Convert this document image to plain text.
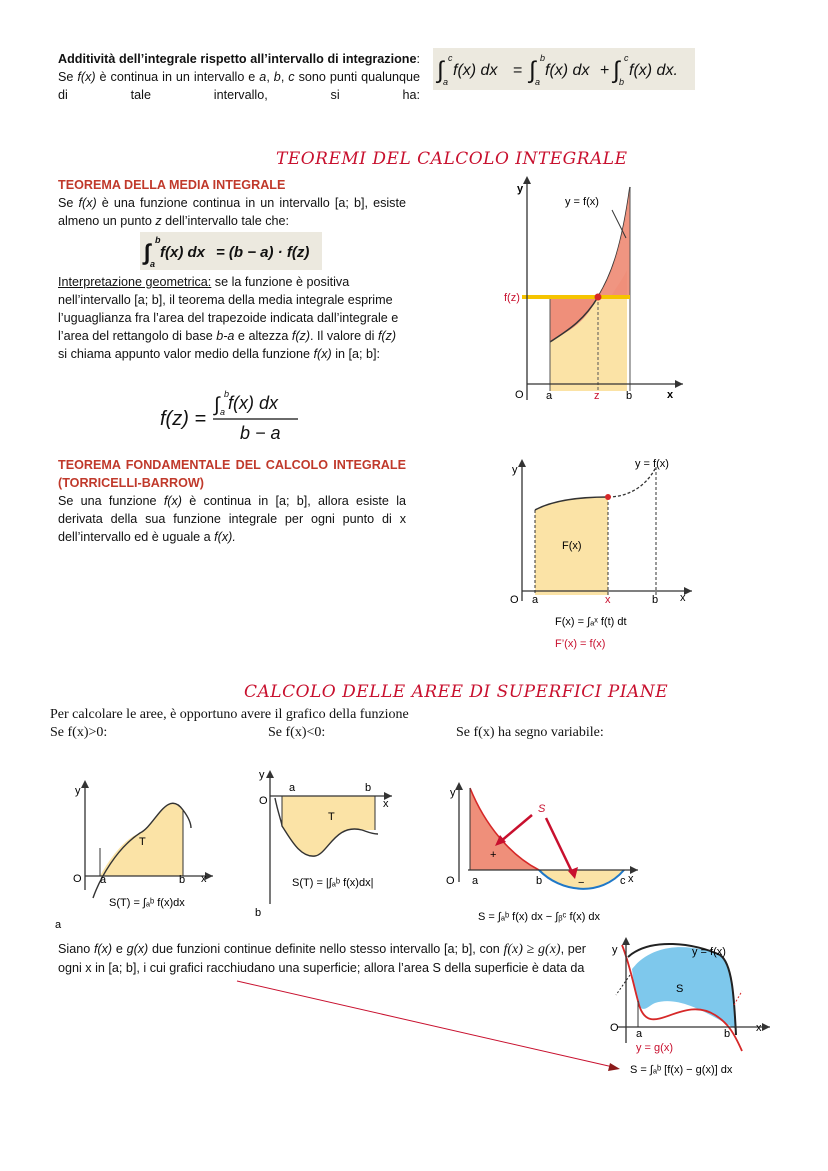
Additività dell’integrale rispetto all’intervallo di integrazione: Se f(x) è continua in un intervallo e a, b, c sono punti qualunque di tale intervallo, si ha:
∫ c
a
f(x) dx = ∫ b
a
f(x) dx + ∫ c
b
f(x) dx.
TEOREMI DEL CALCOLO INTEGRALE
TEOREMA DELLA MEDIA INTEGRALE
Se f(x) è una funzione continua in un intervallo [a; b], esiste almeno un punto z dell’intervallo tale che:
∫ b
a
f(x) dx = (b − a) · f(z)
Interpretazione geometrica: se la funzione è positiva nell’intervallo [a; b], il teorema della media integrale esprime l’uguaglianza fra l’area del trapezoide indicata dall’integrale e l’area del rettangolo di base b-a e altezza f(z). Il valore di f(z) si chiama appunto valor medio della funzione f(x) in [a; b]:
f(z) =
∫ b
a f(x) dx
b − a
y
y = f(x)
f(z)
O a	z b	x
TEOREMA FONDAMENTALE DEL CALCOLO INTEGRALE
(TORRICELLI-BARROW)
Se una funzione f(x) è continua in [a; b], allora esiste la derivata della sua funzione integrale per ogni punto di x dell’intervallo ed è uguale a f(x).
y	y = f(x)
F(x)
O a	x	b x
F(x) = ∫ₐˣ f(t) dt
F’(x) = f(x)
CALCOLO DELLE AREE DI SUPERFICI PIANE
Per calcolare le aree, è opportuno avere il grafico della funzione
Se f(x)>0:	Se f(x)<0:	Se f(x) ha segno variabile:
y
T
O a	b x
S(T) = ∫ₐᵇ f(x)dx
a
y
O
a	b
x
T
S(T) = |∫ₐᵇ f(x)dx|
b
y
S
+
−
O a	b	c x
S = ∫ₐᵇ f(x) dx − ∫ᵦᶜ f(x) dx
Siano f(x) e g(x) due funzioni continue definite nello stesso intervallo [a; b], con f(x) ≥ g(x), per ogni x in [a; b], i cui grafici racchiudano una superficie; allora l’area S della superficie è data da
y	y = f(x)
S
O a	b x
y = g(x)
S = ∫ₐᵇ [f(x) − g(x)] dx
